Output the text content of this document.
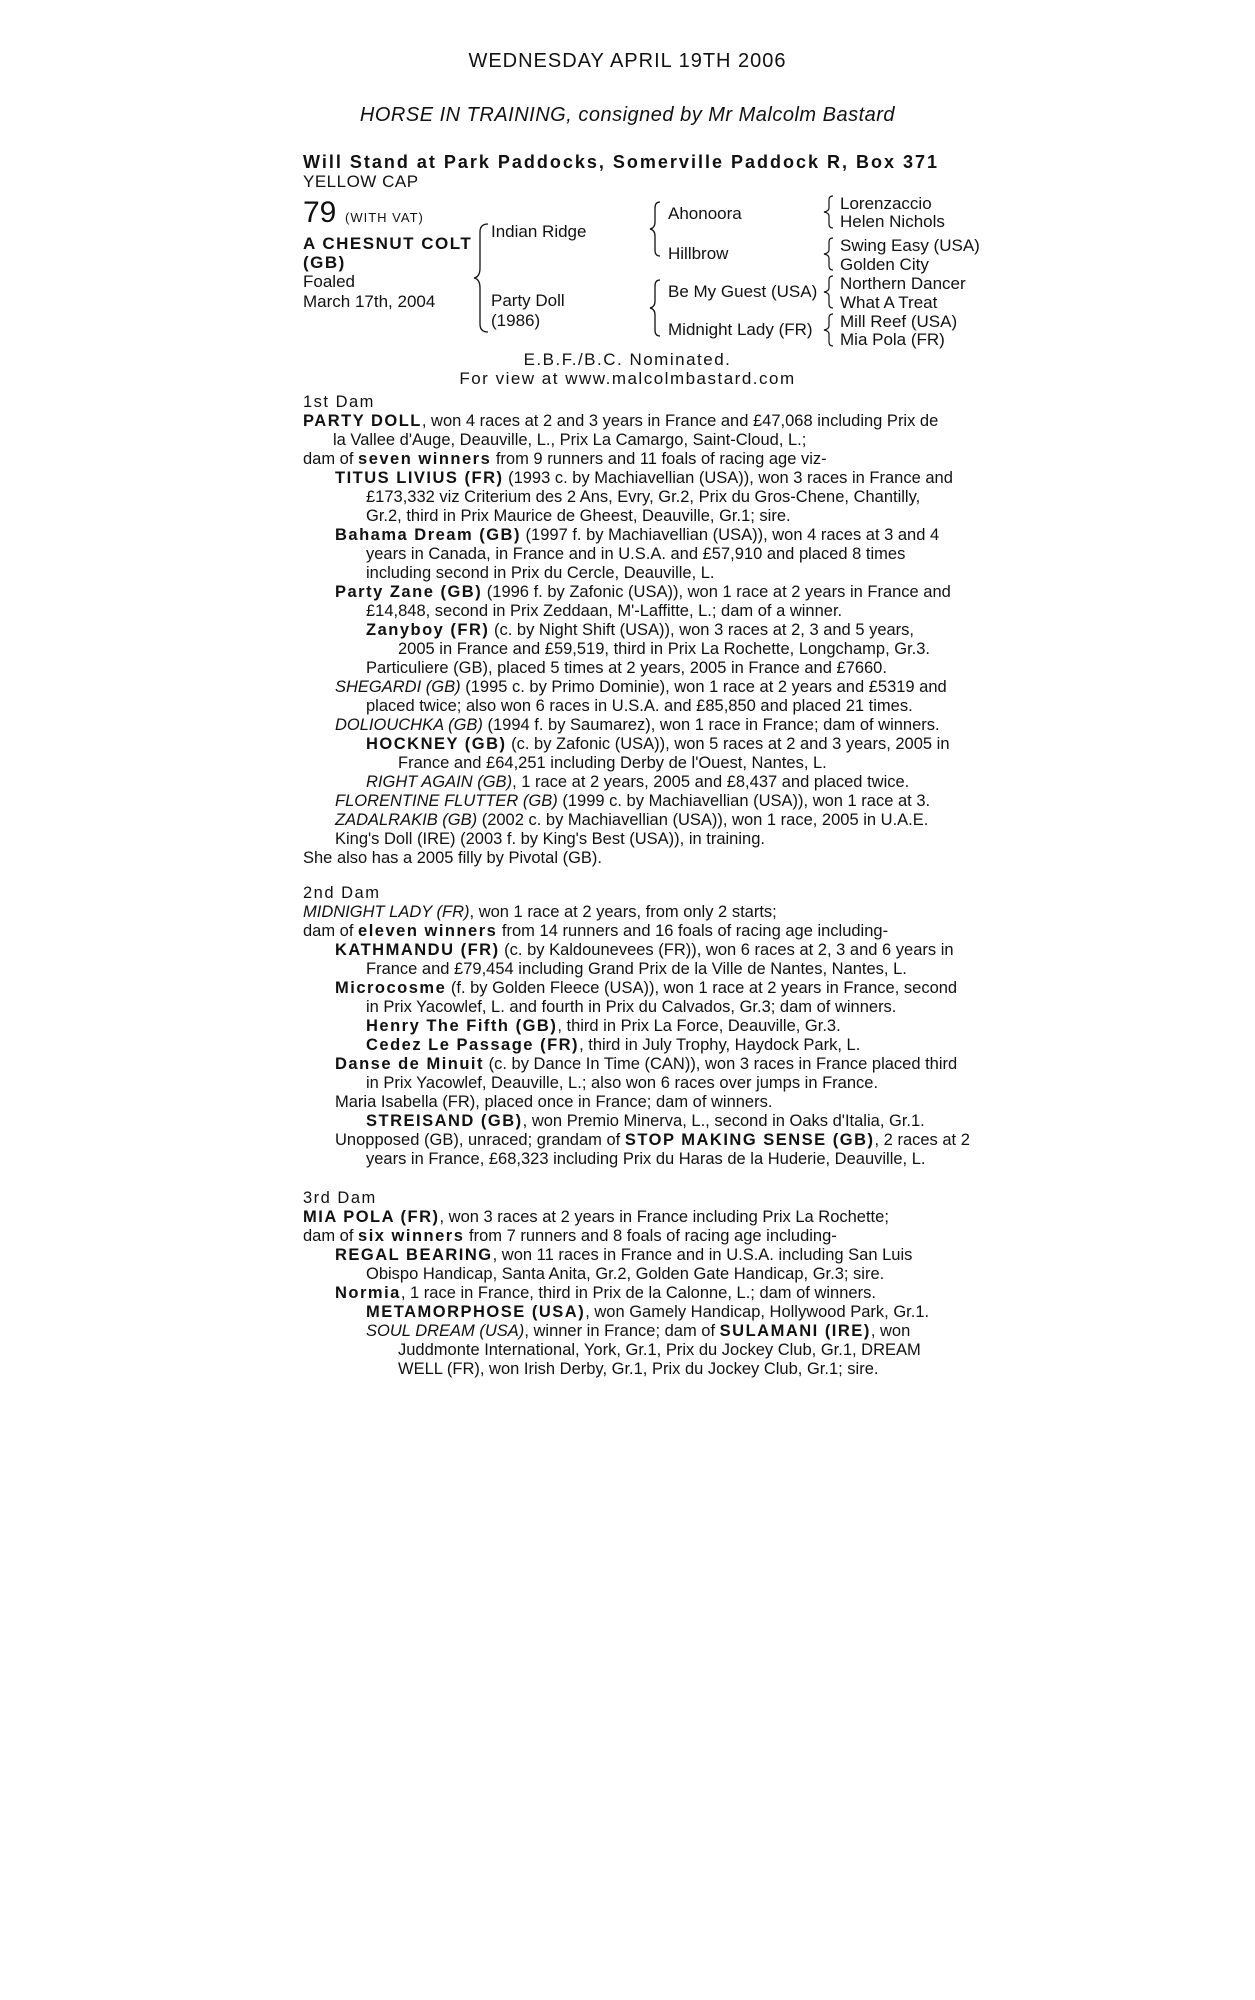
WEDNESDAY APRIL 19TH 2006
HORSE IN TRAINING, consigned by Mr Malcolm Bastard
Will Stand at Park Paddocks, Somerville Paddock R, Box 371
YELLOW CAP
79 (WITH VAT)
A CHESNUT COLT
(GB)
Foaled
March 17th, 2004
Indian Ridge
Party Doll
(1986)
Ahonoora
Hillbrow
Be My Guest (USA)
Midnight Lady (FR)
Lorenzaccio
Helen Nichols
Swing Easy (USA)
Golden City
Northern Dancer
What A Treat
Mill Reef (USA)
Mia Pola (FR)
E.B.F./B.C. Nominated.
For view at www.malcolmbastard.com
1st Dam
PARTY DOLL, won 4 races at 2 and 3 years in France and £47,068 including Prix de
la Vallee d'Auge, Deauville, L., Prix La Camargo, Saint-Cloud, L.;
dam of seven winners from 9 runners and 11 foals of racing age viz-
TITUS LIVIUS (FR) (1993 c. by Machiavellian (USA)), won 3 races in France and
£173,332 viz Criterium des 2 Ans, Evry, Gr.2, Prix du Gros-Chene, Chantilly,
Gr.2, third in Prix Maurice de Gheest, Deauville, Gr.1; sire.
Bahama Dream (GB) (1997 f. by Machiavellian (USA)), won 4 races at 3 and 4
years in Canada, in France and in U.S.A. and £57,910 and placed 8 times
including second in Prix du Cercle, Deauville, L.
Party Zane (GB) (1996 f. by Zafonic (USA)), won 1 race at 2 years in France and
£14,848, second in Prix Zeddaan, M'-Laffitte, L.; dam of a winner.
Zanyboy (FR) (c. by Night Shift (USA)), won 3 races at 2, 3 and 5 years,
2005 in France and £59,519, third in Prix La Rochette, Longchamp, Gr.3.
Particuliere (GB), placed 5 times at 2 years, 2005 in France and £7660.
SHEGARDI (GB) (1995 c. by Primo Dominie), won 1 race at 2 years and £5319 and
placed twice; also won 6 races in U.S.A. and £85,850 and placed 21 times.
DOLIOUCHKA (GB) (1994 f. by Saumarez), won 1 race in France; dam of winners.
HOCKNEY (GB) (c. by Zafonic (USA)), won 5 races at 2 and 3 years, 2005 in
France and £64,251 including Derby de l'Ouest, Nantes, L.
RIGHT AGAIN (GB), 1 race at 2 years, 2005 and £8,437 and placed twice.
FLORENTINE FLUTTER (GB) (1999 c. by Machiavellian (USA)), won 1 race at 3.
ZADALRAKIB (GB) (2002 c. by Machiavellian (USA)), won 1 race, 2005 in U.A.E.
King's Doll (IRE) (2003 f. by King's Best (USA)), in training.
She also has a 2005 filly by Pivotal (GB).
2nd Dam
MIDNIGHT LADY (FR), won 1 race at 2 years, from only 2 starts;
dam of eleven winners from 14 runners and 16 foals of racing age including-
KATHMANDU (FR) (c. by Kaldounevees (FR)), won 6 races at 2, 3 and 6 years in
France and £79,454 including Grand Prix de la Ville de Nantes, Nantes, L.
Microcosme (f. by Golden Fleece (USA)), won 1 race at 2 years in France, second
in Prix Yacowlef, L. and fourth in Prix du Calvados, Gr.3; dam of winners.
Henry The Fifth (GB), third in Prix La Force, Deauville, Gr.3.
Cedez Le Passage (FR), third in July Trophy, Haydock Park, L.
Danse de Minuit (c. by Dance In Time (CAN)), won 3 races in France placed third
in Prix Yacowlef, Deauville, L.; also won 6 races over jumps in France.
Maria Isabella (FR), placed once in France; dam of winners.
STREISAND (GB), won Premio Minerva, L., second in Oaks d'Italia, Gr.1.
Unopposed (GB), unraced; grandam of STOP MAKING SENSE (GB), 2 races at 2
years in France, £68,323 including Prix du Haras de la Huderie, Deauville, L.
3rd Dam
MIA POLA (FR), won 3 races at 2 years in France including Prix La Rochette;
dam of six winners from 7 runners and 8 foals of racing age including-
REGAL BEARING, won 11 races in France and in U.S.A. including San Luis
Obispo Handicap, Santa Anita, Gr.2, Golden Gate Handicap, Gr.3; sire.
Normia, 1 race in France, third in Prix de la Calonne, L.; dam of winners.
METAMORPHOSE (USA), won Gamely Handicap, Hollywood Park, Gr.1.
SOUL DREAM (USA), winner in France; dam of SULAMANI (IRE), won
Juddmonte International, York, Gr.1, Prix du Jockey Club, Gr.1, DREAM
WELL (FR), won Irish Derby, Gr.1, Prix du Jockey Club, Gr.1; sire.
